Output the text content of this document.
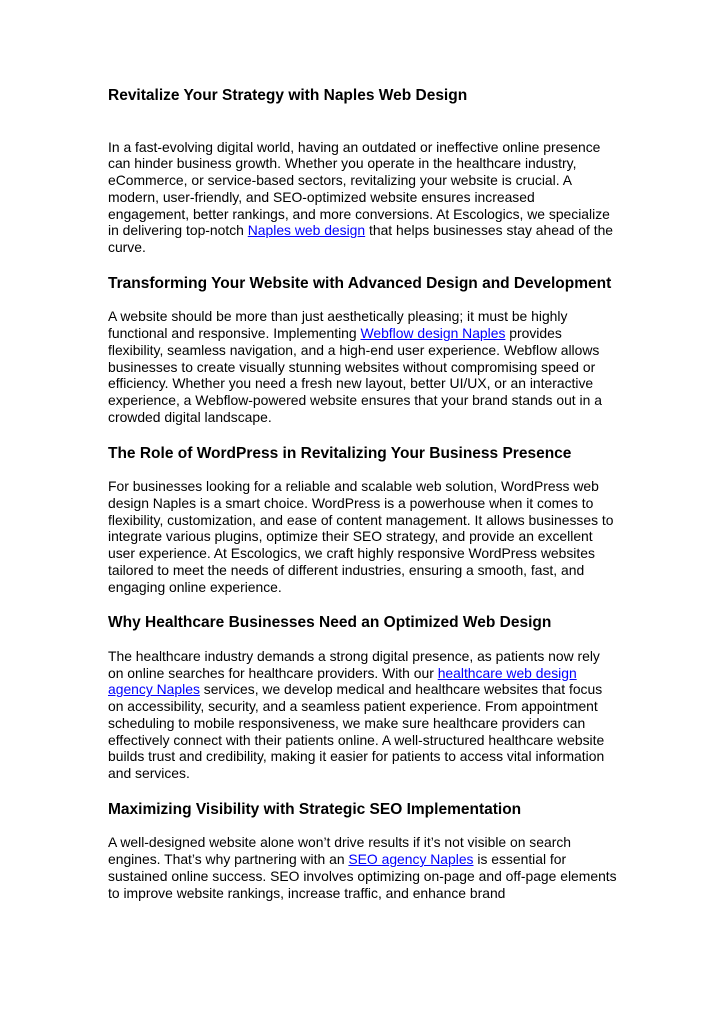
Revitalize Your Strategy with Naples Web Design

In a fast-evolving digital world, having an outdated or ineffective online presence can hinder business growth. Whether you operate in the healthcare industry, eCommerce, or service-based sectors, revitalizing your website is crucial. A modern, user-friendly, and SEO-optimized website ensures increased engagement, better rankings, and more conversions. At Escologics, we specialize in delivering top-notch Naples web design that helps businesses stay ahead of the curve.

Transforming Your Website with Advanced Design and Development

A website should be more than just aesthetically pleasing; it must be highly functional and responsive. Implementing Webflow design Naples provides flexibility, seamless navigation, and a high-end user experience. Webflow allows businesses to create visually stunning websites without compromising speed or efficiency. Whether you need a fresh new layout, better UI/UX, or an interactive experience, a Webflow-powered website ensures that your brand stands out in a crowded digital landscape.

The Role of WordPress in Revitalizing Your Business Presence

For businesses looking for a reliable and scalable web solution, WordPress web design Naples is a smart choice. WordPress is a powerhouse when it comes to flexibility, customization, and ease of content management. It allows businesses to integrate various plugins, optimize their SEO strategy, and provide an excellent user experience. At Escologics, we craft highly responsive WordPress websites tailored to meet the needs of different industries, ensuring a smooth, fast, and engaging online experience.

Why Healthcare Businesses Need an Optimized Web Design

The healthcare industry demands a strong digital presence, as patients now rely on online searches for healthcare providers. With our healthcare web design agency Naples services, we develop medical and healthcare websites that focus on accessibility, security, and a seamless patient experience. From appointment scheduling to mobile responsiveness, we make sure healthcare providers can effectively connect with their patients online. A well-structured healthcare website builds trust and credibility, making it easier for patients to access vital information and services.

Maximizing Visibility with Strategic SEO Implementation

A well-designed website alone won’t drive results if it’s not visible on search engines. That’s why partnering with an SEO agency Naples is essential for sustained online success. SEO involves optimizing on-page and off-page elements to improve website rankings, increase traffic, and enhance brand
